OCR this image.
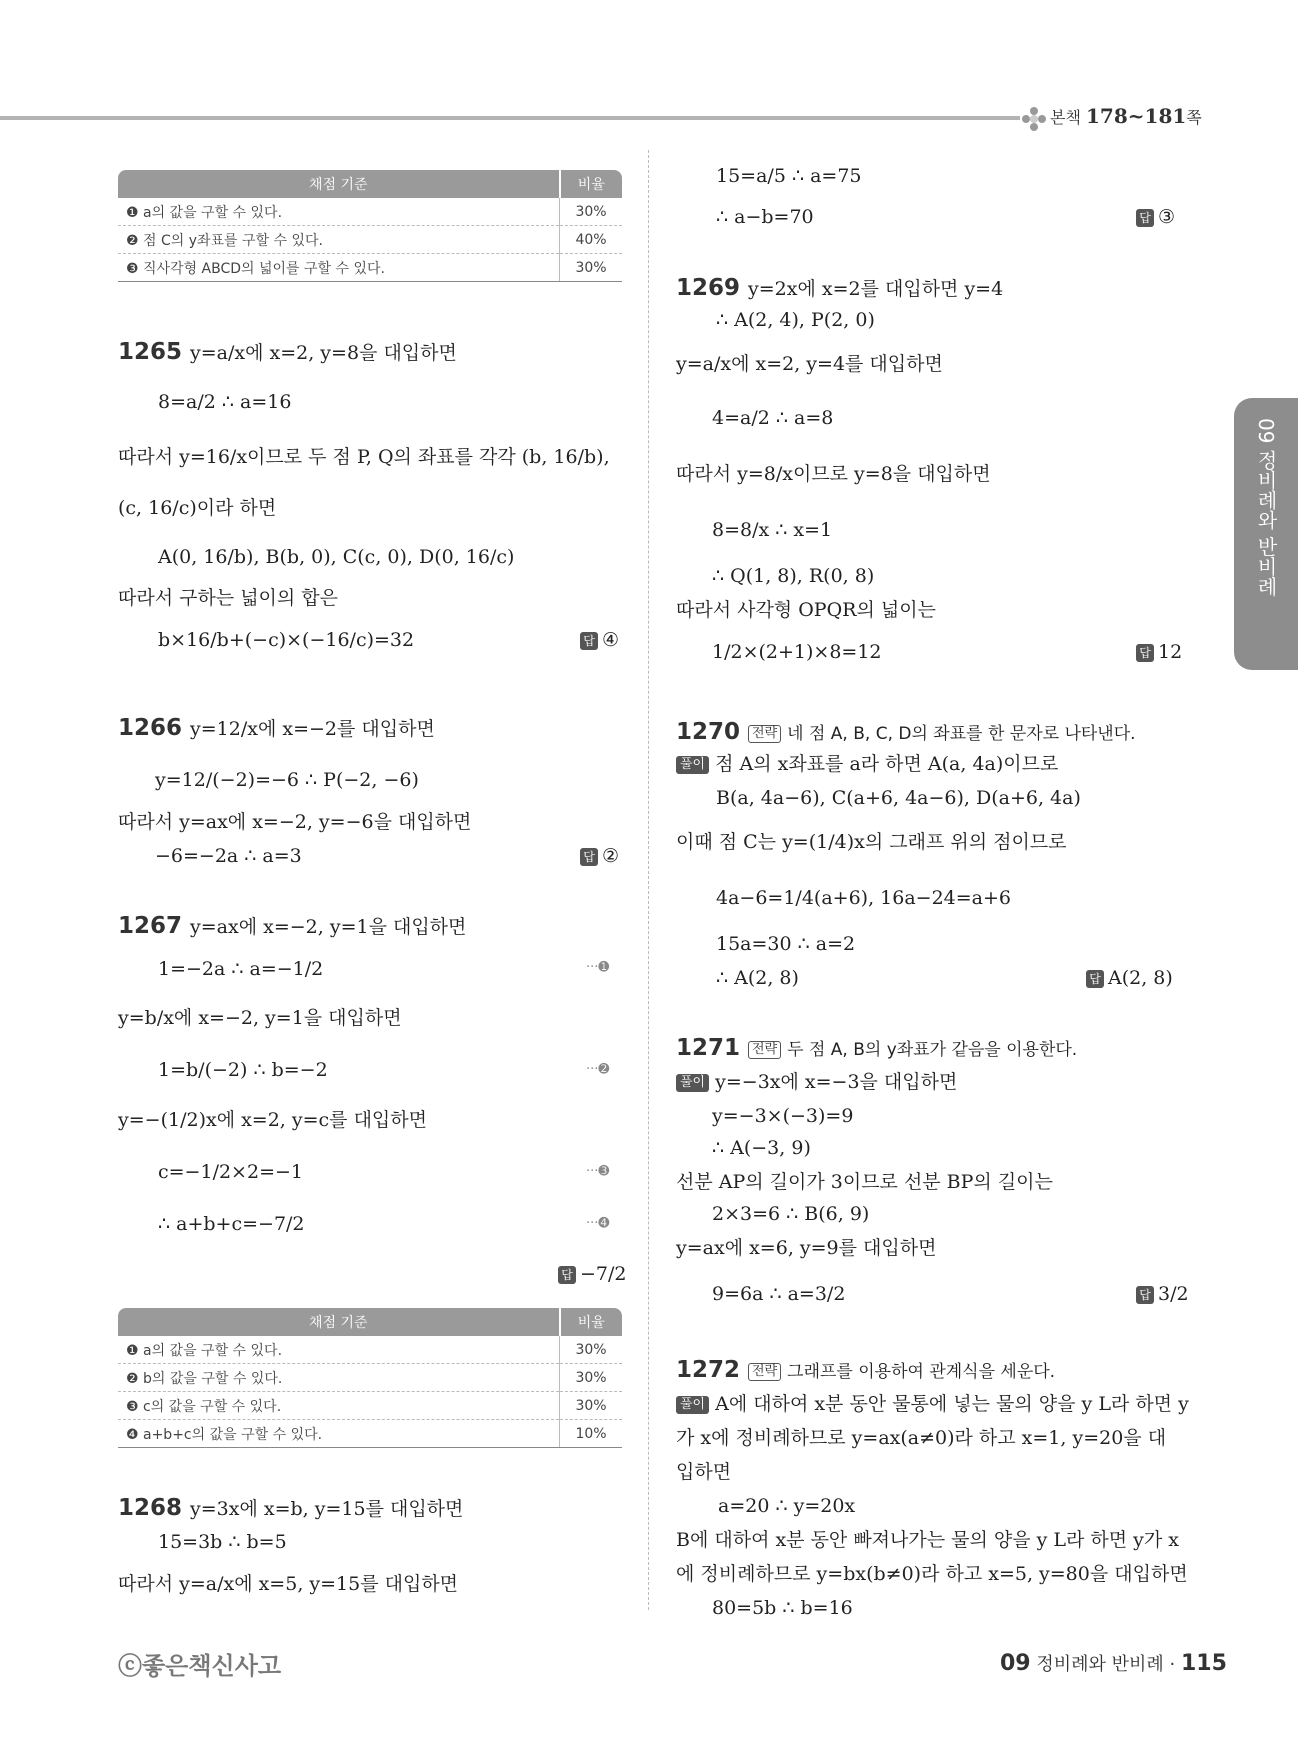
본책 178~181쪽
09 정비례와 반비례
채점 기준	비율
❶ a의 값을 구할 수 있다.	30%
❷ 점 C의 y좌표를 구할 수 있다.	40%
❸ 직사각형 ABCD의 넓이를 구할 수 있다.	30%
1265 y=a/x에 x=2, y=8을 대입하면
8=a/2 ∴ a=16
따라서 y=16/x이므로 두 점 P, Q의 좌표를 각각 (b, 16/b),
(c, 16/c)이라 하면
A(0, 16/b), B(b, 0), C(c, 0), D(0, 16/c)
따라서 구하는 넓이의 합은
b×16/b+(−c)×(−16/c)=32	답 ④
1266 y=12/x에 x=−2를 대입하면
y=12/(−2)=−6 ∴ P(−2, −6)
따라서 y=ax에 x=−2, y=−6을 대입하면
−6=−2a ∴ a=3	답 ②
1267 y=ax에 x=−2, y=1을 대입하면
1=−2a ∴ a=−1/2	···➊
y=b/x에 x=−2, y=1을 대입하면
1=b/(−2) ∴ b=−2	···➋
y=−(1/2)x에 x=2, y=c를 대입하면
c=−1/2×2=−1	···➌
∴ a+b+c=−7/2	···➍
답 −7/2
채점 기준	비율
❶ a의 값을 구할 수 있다.	30%
❷ b의 값을 구할 수 있다.	30%
❸ c의 값을 구할 수 있다.	30%
❹ a+b+c의 값을 구할 수 있다.	10%
1268 y=3x에 x=b, y=15를 대입하면
15=3b ∴ b=5
따라서 y=a/x에 x=5, y=15를 대입하면
15=a/5 ∴ a=75
∴ a−b=70	답 ③
1269 y=2x에 x=2를 대입하면 y=4
∴ A(2, 4), P(2, 0)
y=a/x에 x=2, y=4를 대입하면
4=a/2 ∴ a=8
따라서 y=8/x이므로 y=8을 대입하면
8=8/x ∴ x=1
∴ Q(1, 8), R(0, 8)
따라서 사각형 OPQR의 넓이는
1/2×(2+1)×8=12	답 12
1270 전략 네 점 A, B, C, D의 좌표를 한 문자로 나타낸다.
풀이 점 A의 x좌표를 a라 하면 A(a, 4a)이므로
B(a, 4a−6), C(a+6, 4a−6), D(a+6, 4a)
이때 점 C는 y=(1/4)x의 그래프 위의 점이므로
4a−6=1/4(a+6), 16a−24=a+6
15a=30 ∴ a=2
∴ A(2, 8)	답 A(2, 8)
1271 전략 두 점 A, B의 y좌표가 같음을 이용한다.
풀이 y=−3x에 x=−3을 대입하면
y=−3×(−3)=9
∴ A(−3, 9)
선분 AP의 길이가 3이므로 선분 BP의 길이는
2×3=6 ∴ B(6, 9)
y=ax에 x=6, y=9를 대입하면
9=6a ∴ a=3/2	답 3/2
1272 전략 그래프를 이용하여 관계식을 세운다.
풀이 A에 대하여 x분 동안 물통에 넣는 물의 양을 y L라 하면 y
가 x에 정비례하므로 y=ax(a≠0)라 하고 x=1, y=20을 대
입하면
a=20 ∴ y=20x
B에 대하여 x분 동안 빠져나가는 물의 양을 y L라 하면 y가 x
에 정비례하므로 y=bx(b≠0)라 하고 x=5, y=80을 대입하면
80=5b ∴ b=16
ⓒ좋은책신사고	09 정비례와 반비례 · 115
